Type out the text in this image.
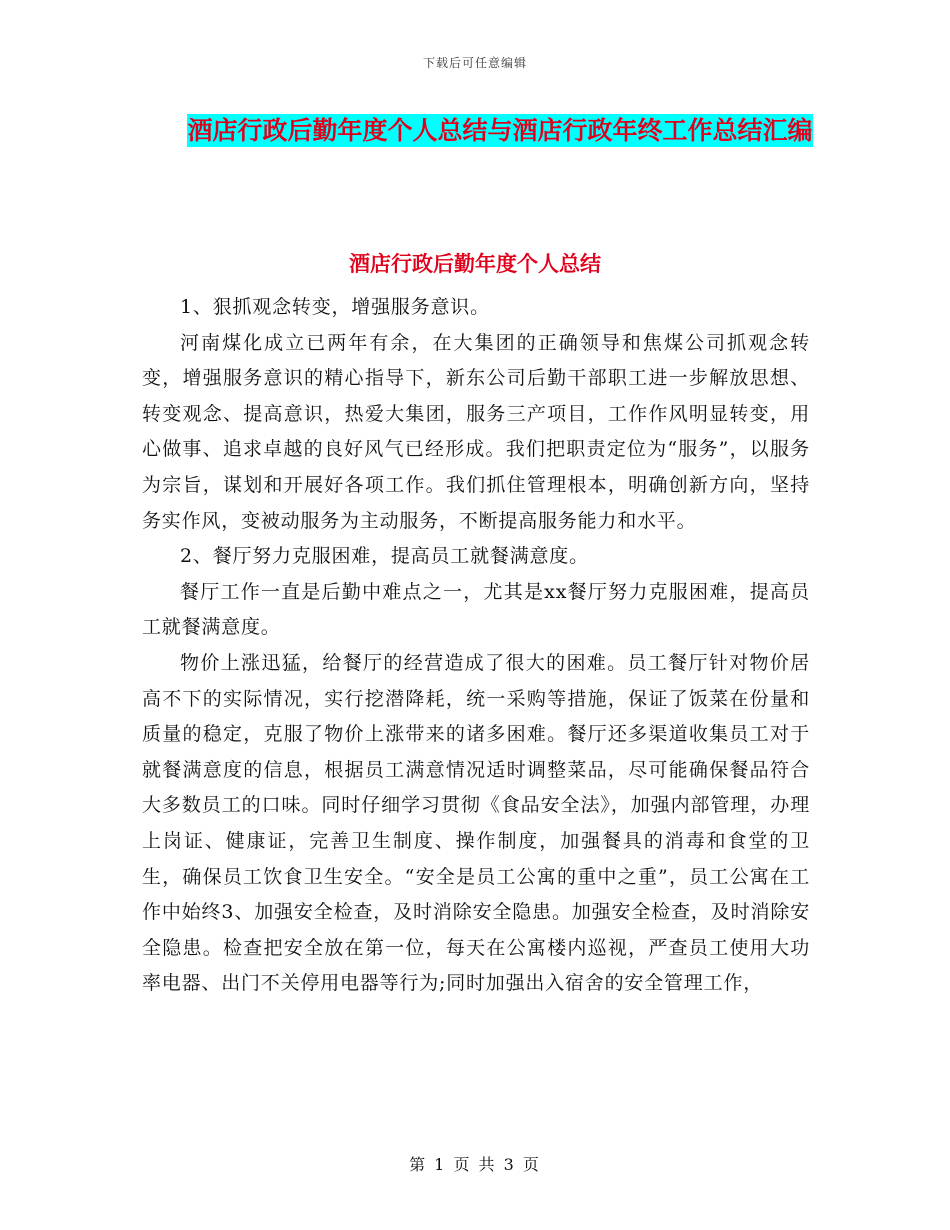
下载后可任意编辑
酒店行政后勤年度个人总结与酒店行政年终工作总结汇编
酒店行政后勤年度个人总结

1、狠抓观念转变，增强服务意识。

河南煤化成立已两年有余，在大集团的正确领导和焦煤公司抓观念转变，增强服务意识的精心指导下，新东公司后勤干部职工进一步解放思想、转变观念、提高意识，热爱大集团，服务三产项目，工作作风明显转变，用心做事、追求卓越的良好风气已经形成。我们把职责定位为“服务”，以服务为宗旨，谋划和开展好各项工作。我们抓住管理根本，明确创新方向，坚持务实作风，变被动服务为主动服务，不断提高服务能力和水平。

2、餐厅努力克服困难，提高员工就餐满意度。

餐厅工作一直是后勤中难点之一，尤其是xx餐厅努力克服困难，提高员工就餐满意度。

物价上涨迅猛，给餐厅的经营造成了很大的困难。员工餐厅针对物价居高不下的实际情况，实行挖潜降耗，统一采购等措施，保证了饭菜在份量和质量的稳定，克服了物价上涨带来的诸多困难。餐厅还多渠道收集员工对于就餐满意度的信息，根据员工满意情况适时调整菜品，尽可能确保餐品符合大多数员工的口味。同时仔细学习贯彻《食品安全法》，加强内部管理，办理上岗证、健康证，完善卫生制度、操作制度，加强餐具的消毒和食堂的卫生，确保员工饮食卫生安全。“安全是员工公寓的重中之重”，员工公寓在工作中始终3、加强安全检查，及时消除安全隐患。加强安全检查，及时消除安全隐患。检查把安全放在第一位，每天在公寓楼内巡视，严查员工使用大功率电器、出门不关停用电器等行为;同时加强出入宿舍的安全管理工作，

第 1 页 共 3 页
